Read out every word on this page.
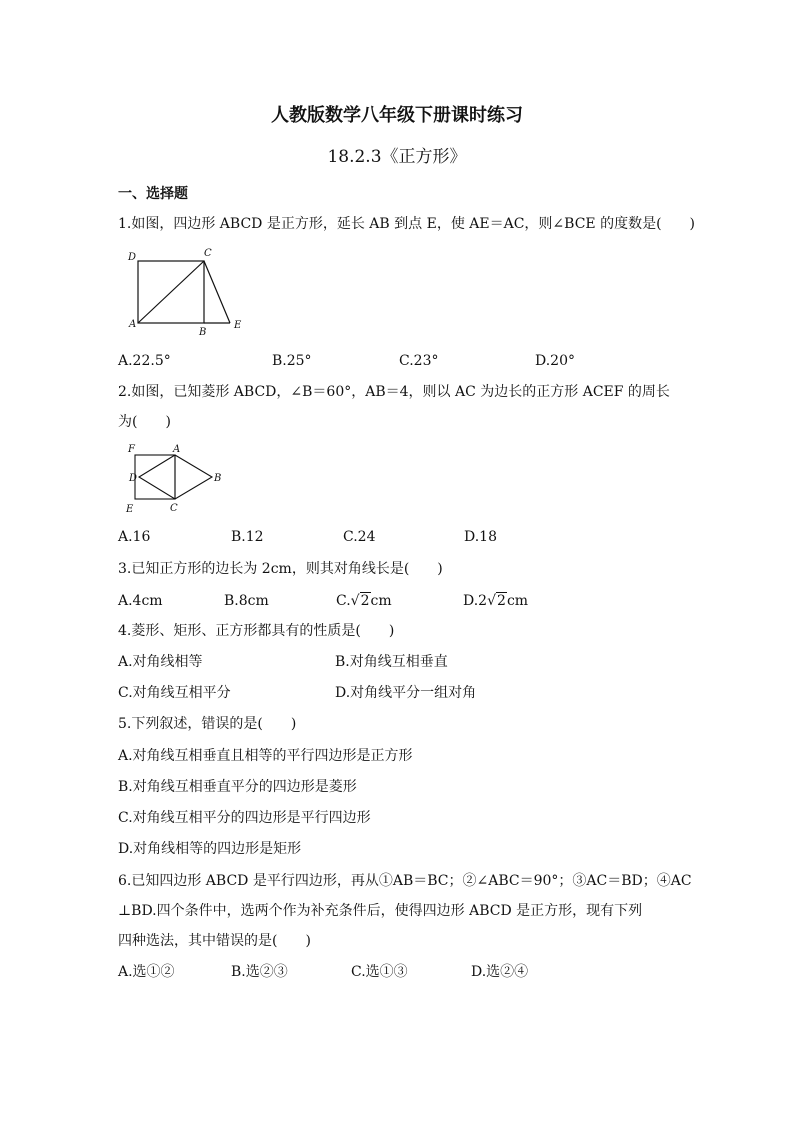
人教版数学八年级下册课时练习
18.2.3《正方形》
一、选择题
1.如图，四边形 ABCD 是正方形，延长 AB 到点 E，使 AE＝AC，则∠BCE 的度数是(　　)
D	C
A
B
E
A.22.5°	B.25°	C.23°	D.20°
2.如图，已知菱形 ABCD，∠B＝60°，AB＝4，则以 AC 为边长的正方形 ACEF 的周长
为(　　)
F	A
D	B
E	C
A.16	B.12	C.24	D.18
3.已知正方形的边长为 2cm，则其对角线长是(　　)
A.4cm	B.8cm	C.√2cm	D.2√2cm
4.菱形、矩形、正方形都具有的性质是(　　)
A.对角线相等	B.对角线互相垂直
C.对角线互相平分	D.对角线平分一组对角
5.下列叙述，错误的是(　　)
A.对角线互相垂直且相等的平行四边形是正方形
B.对角线互相垂直平分的四边形是菱形
C.对角线互相平分的四边形是平行四边形
D.对角线相等的四边形是矩形
6.已知四边形 ABCD 是平行四边形，再从①AB＝BC；②∠ABC＝90°；③AC＝BD；④AC
⊥BD.四个条件中，选两个作为补充条件后，使得四边形 ABCD 是正方形，现有下列
四种选法，其中错误的是(　　)
A.选①②	B.选②③	C.选①③	D.选②④
